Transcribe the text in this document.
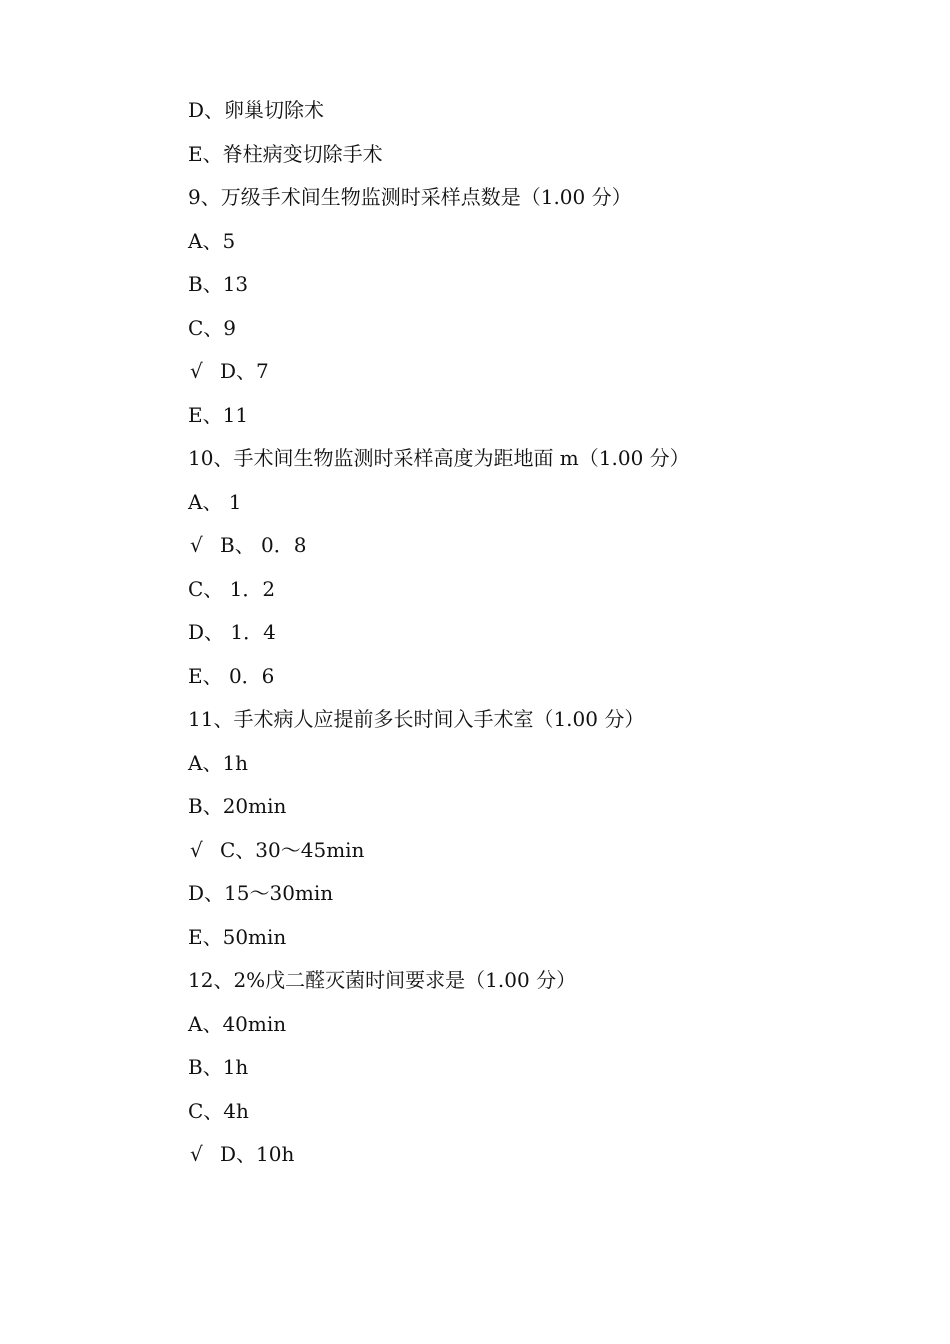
D、卵巢切除术
E、脊柱病变切除手术
9、万级手术间生物监测时采样点数是（1.00 分）
A、5
B、13
C、9
√ D、7
E、11
10、手术间生物监测时采样高度为距地面 m（1.00 分）
A、 1
√ B、 0．8
C、 1．2
D、 1．4
E、 0．6
11、手术病人应提前多长时间入手术室（1.00 分）
A、1h
B、20min
√ C、30～45min
D、15～30min
E、50min
12、2%戊二醛灭菌时间要求是（1.00 分）
A、40min
B、1h
C、4h
√ D、10h
